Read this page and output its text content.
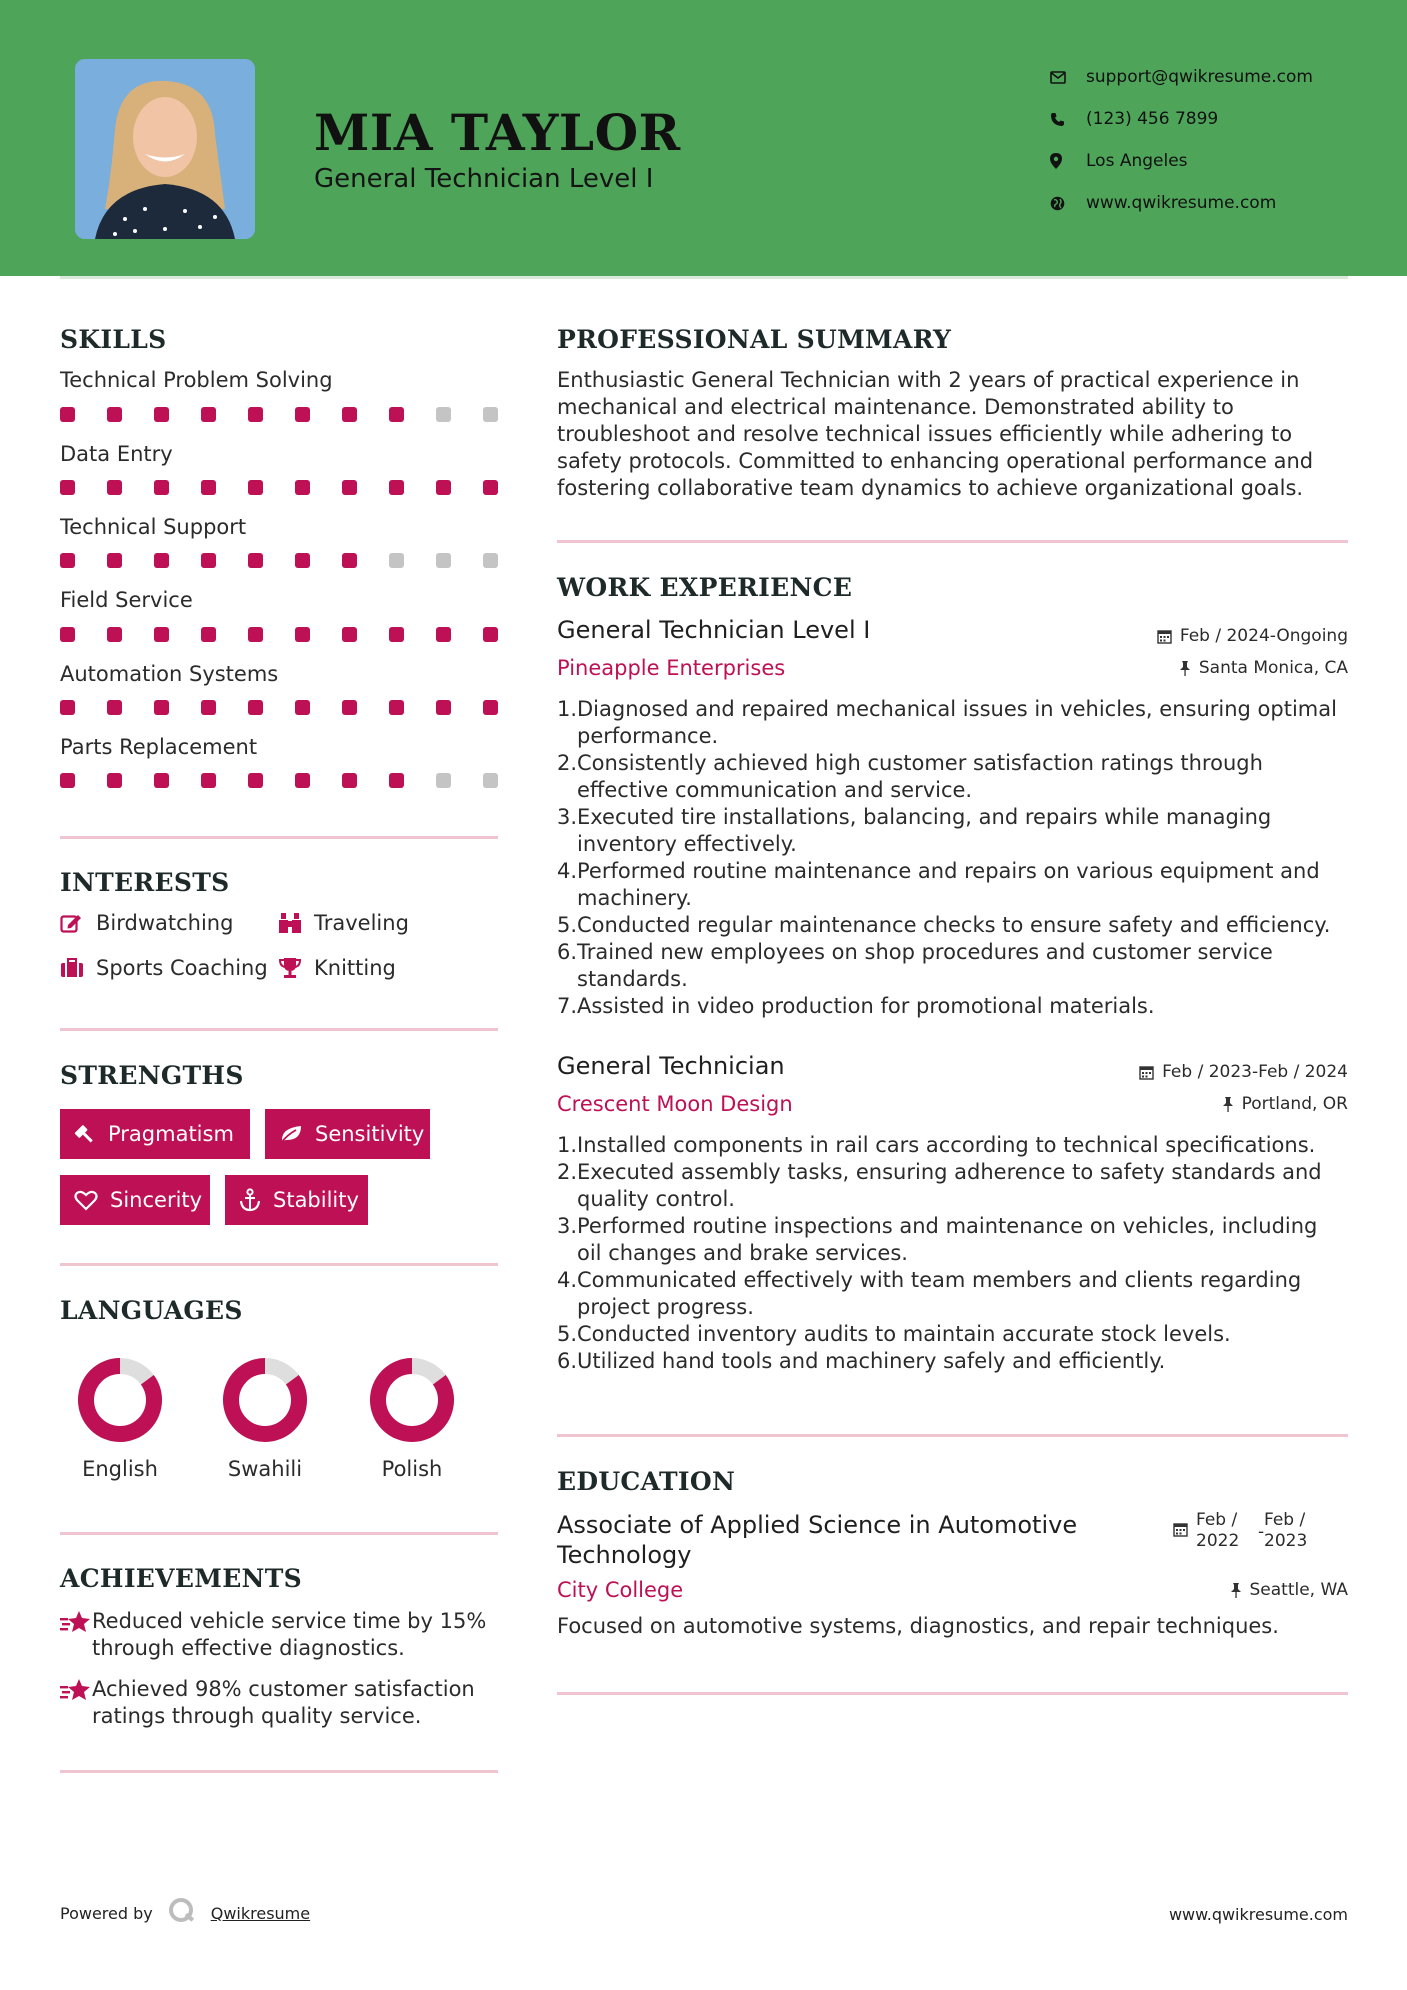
MIA TAYLOR
General Technician Level I
support@qwikresume.com
(123) 456 7899
Los Angeles
www.qwikresume.com
SKILLS
Technical Problem Solving
Data Entry
Technical Support
Field Service
Automation Systems
Parts Replacement
INTERESTS
Birdwatching	Traveling
Sports Coaching Knitting
STRENGTHS
Pragmatism	Sensitivity
Sincerity	Stability
LANGUAGES
English	Swahili	Polish
ACHIEVEMENTS
Reduced vehicle service time by 15% through effective diagnostics.
Achieved 98% customer satisfaction ratings through quality service.
PROFESSIONAL SUMMARY
Enthusiastic General Technician with 2 years of practical experience in mechanical and electrical maintenance. Demonstrated ability to troubleshoot and resolve technical issues efficiently while adhering to safety protocols. Committed to enhancing operational performance and fostering collaborative team dynamics to achieve organizational goals.
WORK EXPERIENCE
General Technician Level I
Pineapple Enterprises
Feb / 2024-Ongoing
Santa Monica, CA
1. Diagnosed and repaired mechanical issues in vehicles, ensuring optimal performance.
2. Consistently achieved high customer satisfaction ratings through effective communication and service.
3. Executed tire installations, balancing, and repairs while managing inventory effectively.
4. Performed routine maintenance and repairs on various equipment and machinery.
5. Conducted regular maintenance checks to ensure safety and efficiency.
6. Trained new employees on shop procedures and customer service standards.
7. Assisted in video production for promotional materials.
General Technician
Crescent Moon Design
Feb / 2023-Feb / 2024
Portland, OR
1. Installed components in rail cars according to technical specifications.
2. Executed assembly tasks, ensuring adherence to safety standards and quality control.
3. Performed routine inspections and maintenance on vehicles, including oil changes and brake services.
4. Communicated effectively with team members and clients regarding project progress.
5. Conducted inventory audits to maintain accurate stock levels.
6. Utilized hand tools and machinery safely and efficiently.
EDUCATION
Associate of Applied Science in Automotive
Technology
Feb /
2022	-
Feb /
2023
City College	Seattle, WA
Focused on automotive systems, diagnostics, and repair techniques.
Powered by	Qwikresume	www.qwikresume.com
